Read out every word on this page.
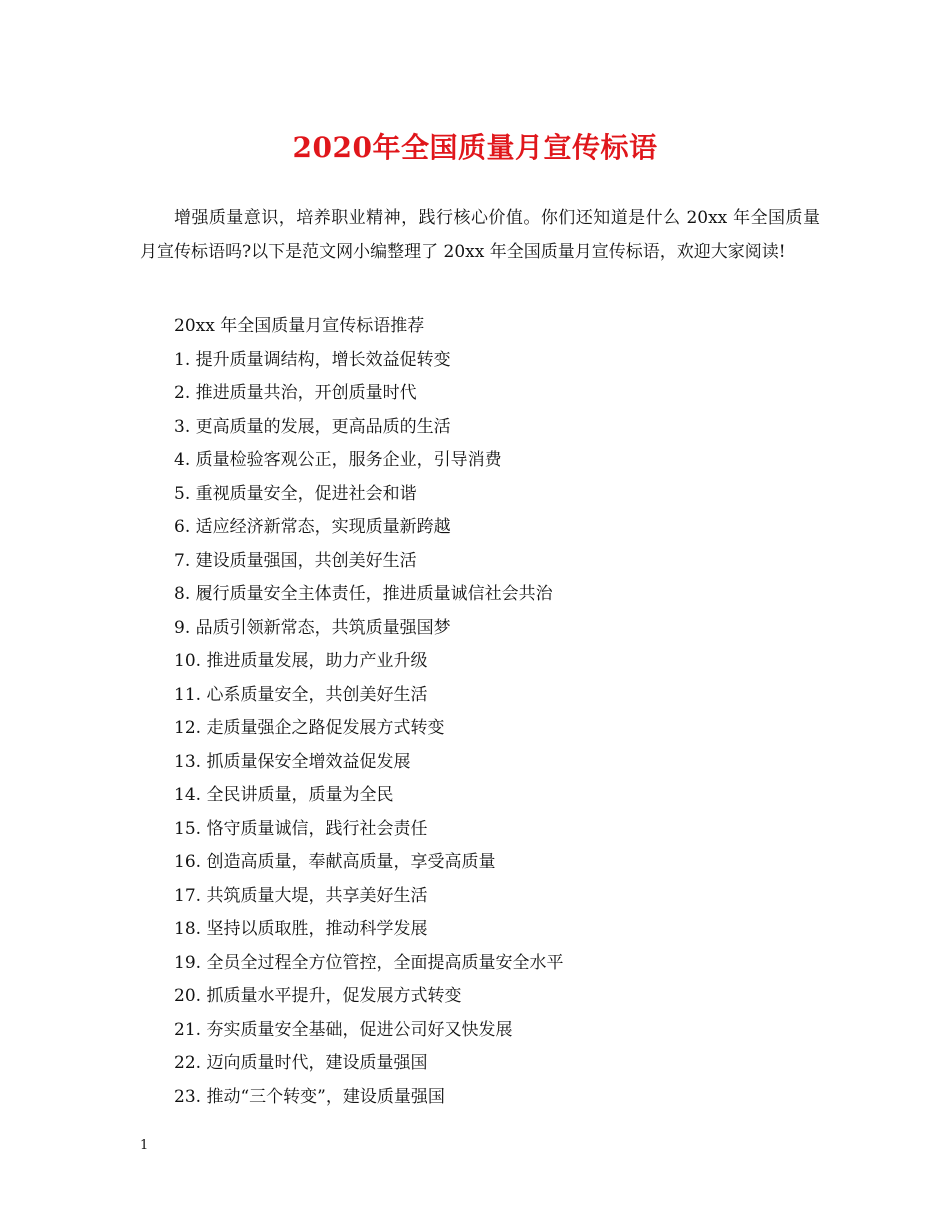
2020年全国质量月宣传标语
增强质量意识，培养职业精神，践行核心价值。你们还知道是什么 20xx 年全国质量月宣传标语吗?以下是范文网小编整理了 20xx 年全国质量月宣传标语，欢迎大家阅读!
20xx 年全国质量月宣传标语推荐
1. 提升质量调结构，增长效益促转变
2. 推进质量共治，开创质量时代
3. 更高质量的发展，更高品质的生活
4. 质量检验客观公正，服务企业，引导消费
5. 重视质量安全，促进社会和谐
6. 适应经济新常态，实现质量新跨越
7. 建设质量强国，共创美好生活
8. 履行质量安全主体责任，推进质量诚信社会共治
9. 品质引领新常态，共筑质量强国梦
10. 推进质量发展，助力产业升级
11. 心系质量安全，共创美好生活
12. 走质量强企之路促发展方式转变
13. 抓质量保安全增效益促发展
14. 全民讲质量，质量为全民
15. 恪守质量诚信，践行社会责任
16. 创造高质量，奉献高质量，享受高质量
17. 共筑质量大堤，共享美好生活
18. 坚持以质取胜，推动科学发展
19. 全员全过程全方位管控，全面提高质量安全水平
20. 抓质量水平提升，促发展方式转变
21. 夯实质量安全基础，促进公司好又快发展
22. 迈向质量时代，建设质量强国
23. 推动“三个转变”，建设质量强国
1
